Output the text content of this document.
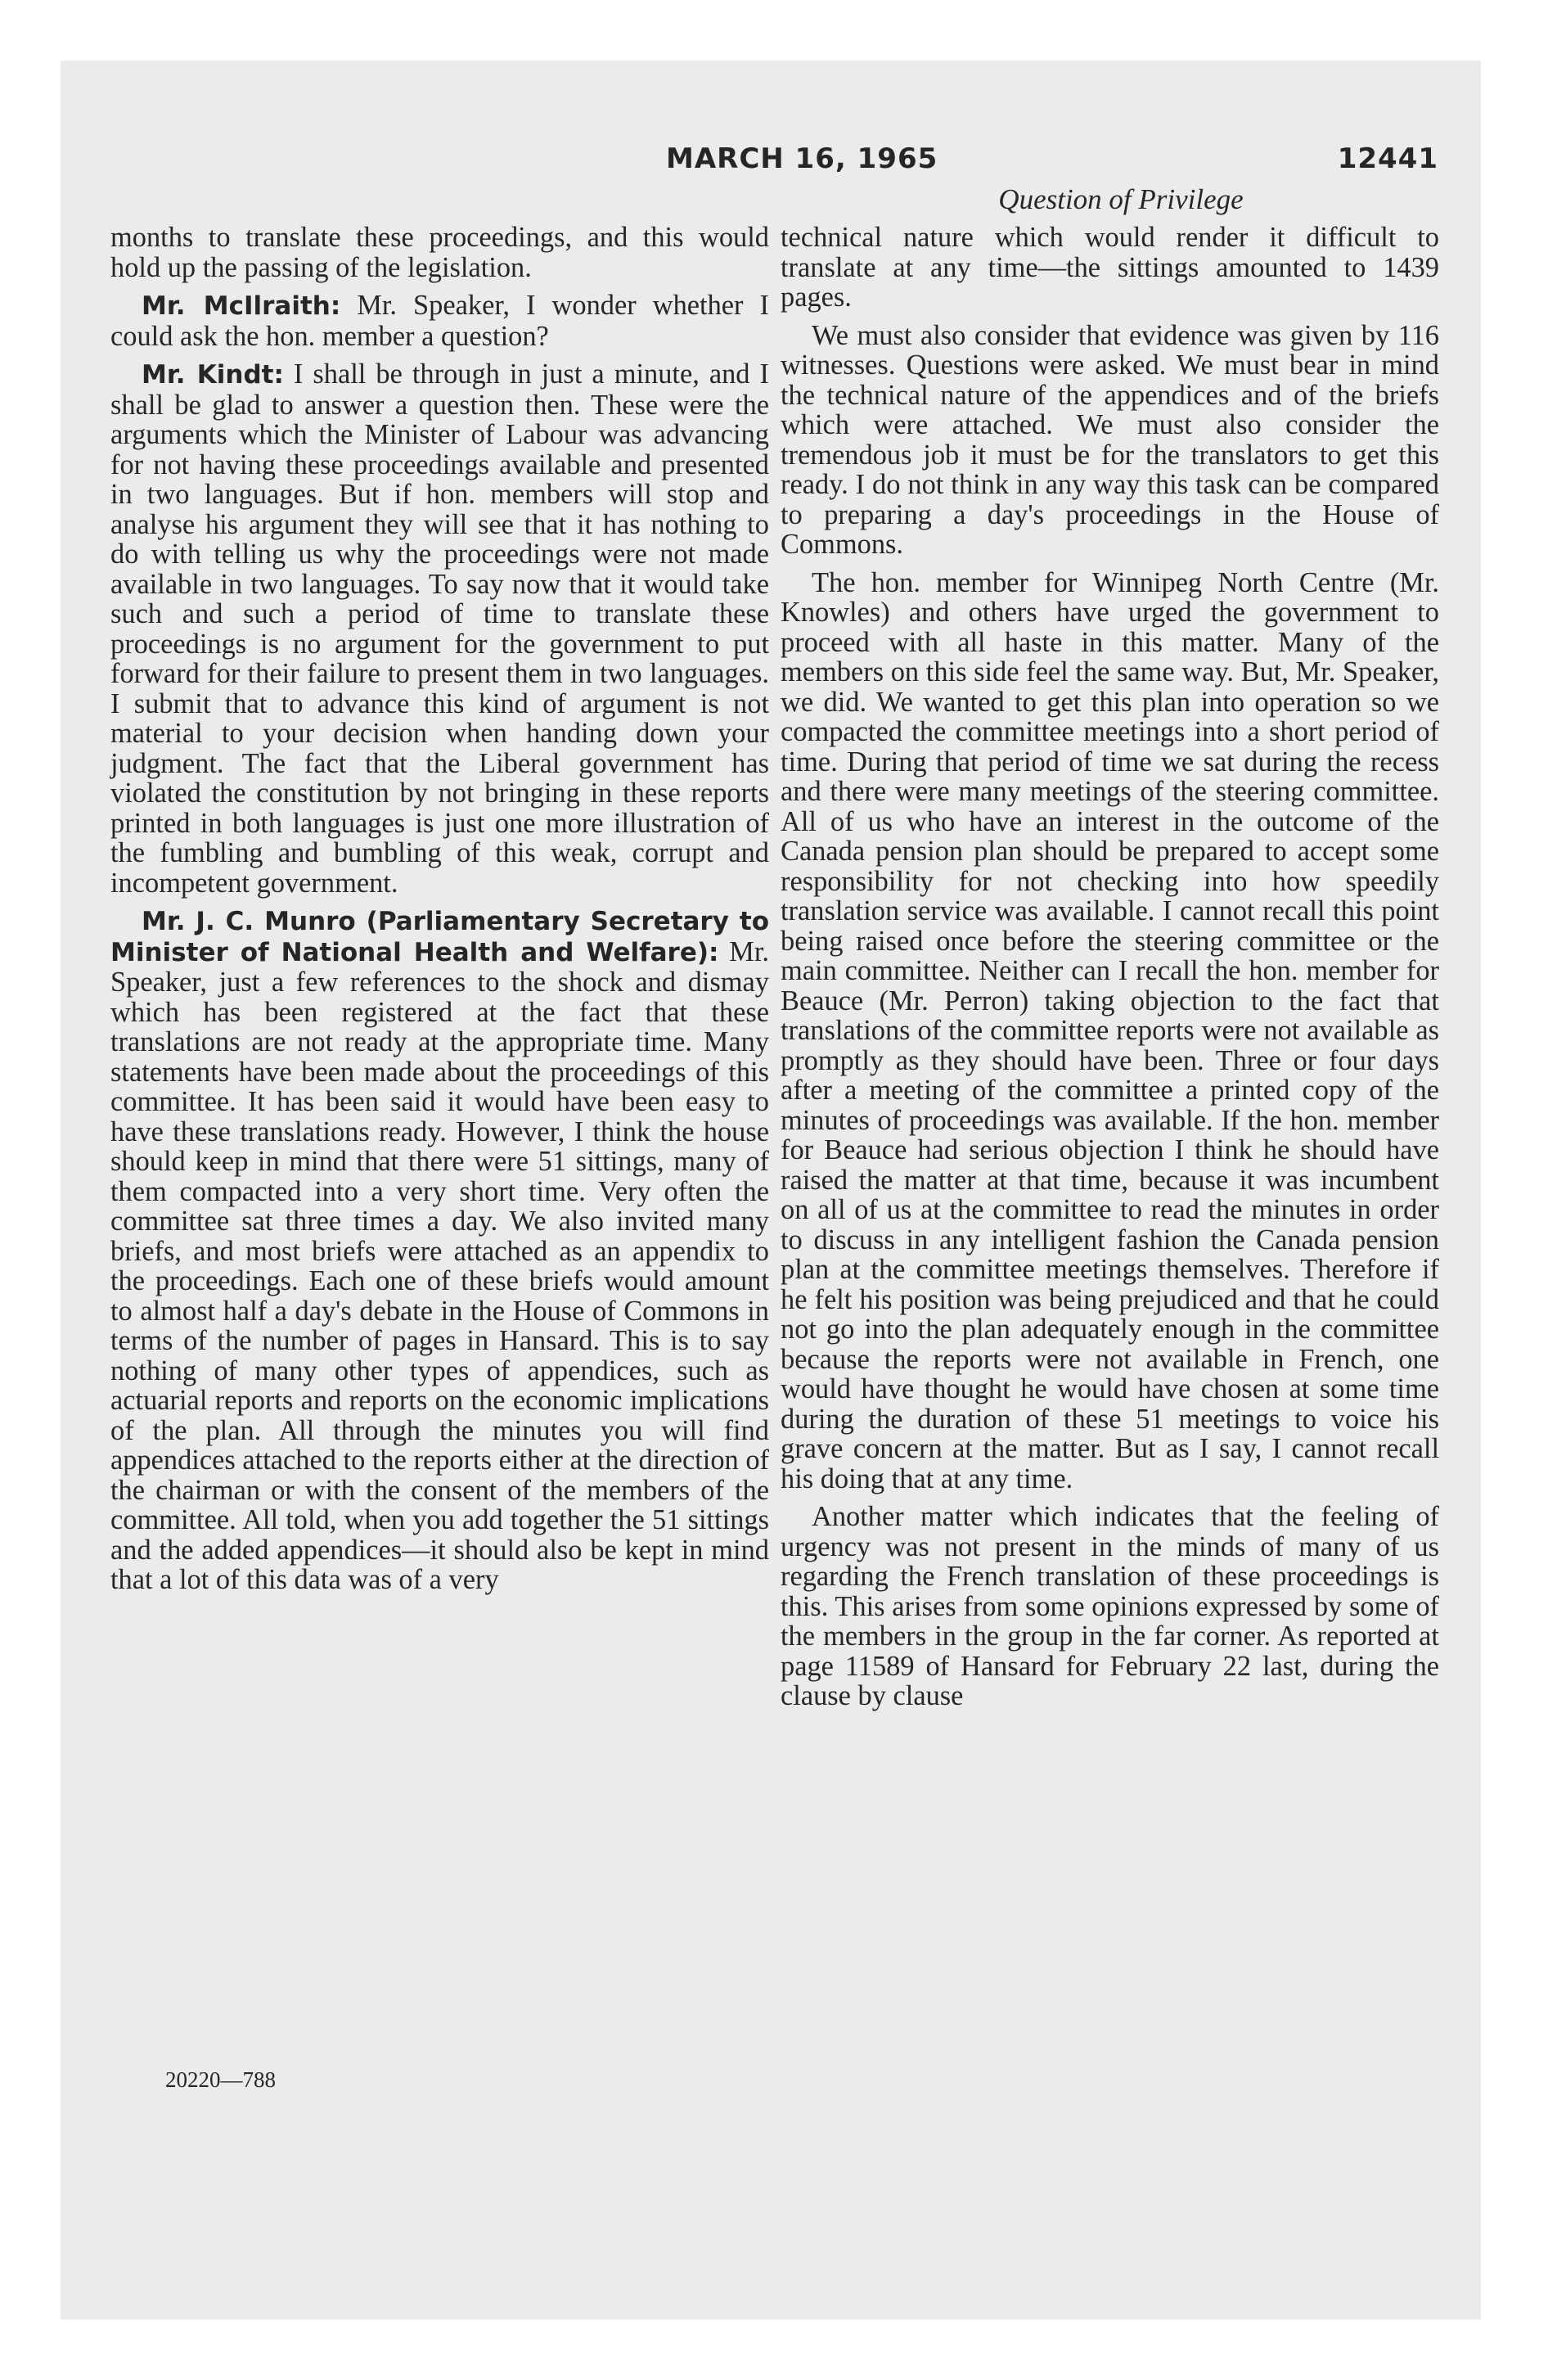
MARCH 16, 1965	12441
Question of Privilege

months to translate these proceedings, and this would hold up the passing of the legislation.

Mr. McIlraith: Mr. Speaker, I wonder whether I could ask the hon. member a question?

Mr. Kindt: I shall be through in just a minute, and I shall be glad to answer a question then. These were the arguments which the Minister of Labour was advancing for not having these proceedings available and presented in two languages. But if hon. members will stop and analyse his argument they will see that it has nothing to do with telling us why the proceedings were not made available in two languages. To say now that it would take such and such a period of time to translate these proceedings is no argument for the government to put forward for their failure to present them in two languages. I submit that to advance this kind of argument is not material to your decision when handing down your judgment. The fact that the Liberal government has violated the constitution by not bringing in these reports printed in both languages is just one more illustration of the fumbling and bumbling of this weak, corrupt and incompetent government.

Mr. J. C. Munro (Parliamentary Secretary to Minister of National Health and Welfare): Mr. Speaker, just a few references to the shock and dismay which has been registered at the fact that these translations are not ready at the appropriate time. Many statements have been made about the proceedings of this committee. It has been said it would have been easy to have these translations ready. However, I think the house should keep in mind that there were 51 sittings, many of them compacted into a very short time. Very often the committee sat three times a day. We also invited many briefs, and most briefs were attached as an appendix to the proceedings. Each one of these briefs would amount to almost half a day's debate in the House of Commons in terms of the number of pages in Hansard. This is to say nothing of many other types of appendices, such as actuarial reports and reports on the economic implications of the plan. All through the minutes you will find appendices attached to the reports either at the direction of the chairman or with the consent of the members of the committee. All told, when you add together the 51 sittings and the added appendices—it should also be kept in mind that a lot of this data was of a very

technical nature which would render it difficult to translate at any time—the sittings amounted to 1439 pages.

We must also consider that evidence was given by 116 witnesses. Questions were asked. We must bear in mind the technical nature of the appendices and of the briefs which were attached. We must also consider the tremendous job it must be for the translators to get this ready. I do not think in any way this task can be compared to preparing a day's proceedings in the House of Commons.

The hon. member for Winnipeg North Centre (Mr. Knowles) and others have urged the government to proceed with all haste in this matter. Many of the members on this side feel the same way. But, Mr. Speaker, we did. We wanted to get this plan into operation so we compacted the committee meetings into a short period of time. During that period of time we sat during the recess and there were many meetings of the steering committee. All of us who have an interest in the outcome of the Canada pension plan should be prepared to accept some responsibility for not checking into how speedily translation service was available. I cannot recall this point being raised once before the steering committee or the main committee. Neither can I recall the hon. member for Beauce (Mr. Perron) taking objection to the fact that translations of the committee reports were not available as promptly as they should have been. Three or four days after a meeting of the committee a printed copy of the minutes of proceedings was available. If the hon. member for Beauce had serious objection I think he should have raised the matter at that time, because it was incumbent on all of us at the committee to read the minutes in order to discuss in any intelligent fashion the Canada pension plan at the committee meetings themselves. Therefore if he felt his position was being prejudiced and that he could not go into the plan adequately enough in the committee because the reports were not available in French, one would have thought he would have chosen at some time during the duration of these 51 meetings to voice his grave concern at the matter. But as I say, I cannot recall his doing that at any time.

Another matter which indicates that the feeling of urgency was not present in the minds of many of us regarding the French translation of these proceedings is this. This arises from some opinions expressed by some of the members in the group in the far corner. As reported at page 11589 of Hansard for February 22 last, during the clause by clause

20220—788
